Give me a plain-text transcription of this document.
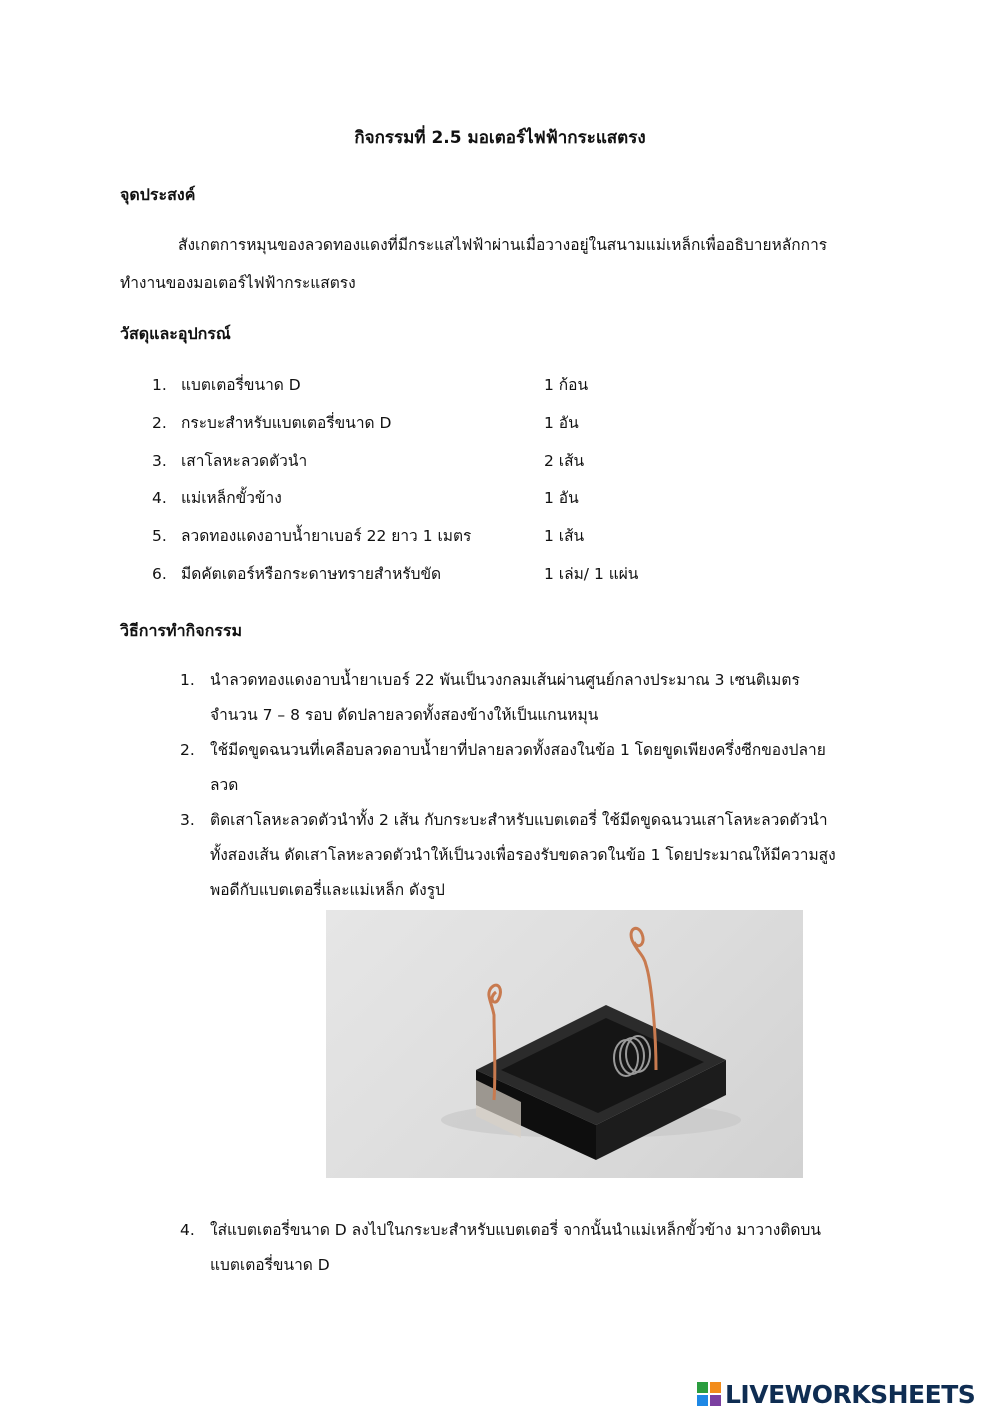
กิจกรรมที่ 2.5 มอเตอร์ไฟฟ้ากระแสตรง
จุดประสงค์
สังเกตการหมุนของลวดทองแดงที่มีกระแสไฟฟ้าผ่านเมื่อวางอยู่ในสนามแม่เหล็กเพื่ออธิบายหลักการ
ทำงานของมอเตอร์ไฟฟ้ากระแสตรง
วัสดุและอุปกรณ์
1. แบตเตอรี่ขนาด D	1 ก้อน
2. กระบะสำหรับแบตเตอรี่ขนาด D	1 อัน
3. เสาโลหะลวดตัวนำ	2 เส้น
4. แม่เหล็กขั้วข้าง	1 อัน
5. ลวดทองแดงอาบน้ำยาเบอร์ 22 ยาว 1 เมตร	1 เส้น
6. มีดคัตเตอร์หรือกระดาษทรายสำหรับขัด	1 เล่ม/ 1 แผ่น
วิธีการทำกิจกรรม
1. นำลวดทองแดงอาบน้ำยาเบอร์ 22 พันเป็นวงกลมเส้นผ่านศูนย์กลางประมาณ 3 เซนติเมตร
จำนวน 7 – 8 รอบ ดัดปลายลวดทั้งสองข้างให้เป็นแกนหมุน
2. ใช้มีดขูดฉนวนที่เคลือบลวดอาบน้ำยาที่ปลายลวดทั้งสองในข้อ 1 โดยขูดเพียงครึ่งซีกของปลาย
ลวด
3. ติดเสาโลหะลวดตัวนำทั้ง 2 เส้น กับกระบะสำหรับแบตเตอรี่ ใช้มีดขูดฉนวนเสาโลหะลวดตัวนำ
ทั้งสองเส้น ดัดเสาโลหะลวดตัวนำให้เป็นวงเพื่อรองรับขดลวดในข้อ 1 โดยประมาณให้มีความสูง
พอดีกับแบตเตอรี่และแม่เหล็ก ดังรูป
4. ใส่แบตเตอรี่ขนาด D ลงไปในกระบะสำหรับแบตเตอรี่ จากนั้นนำแม่เหล็กขั้วข้าง มาวางติดบน
แบตเตอรี่ขนาด D
LIVEWORKSHEETS
